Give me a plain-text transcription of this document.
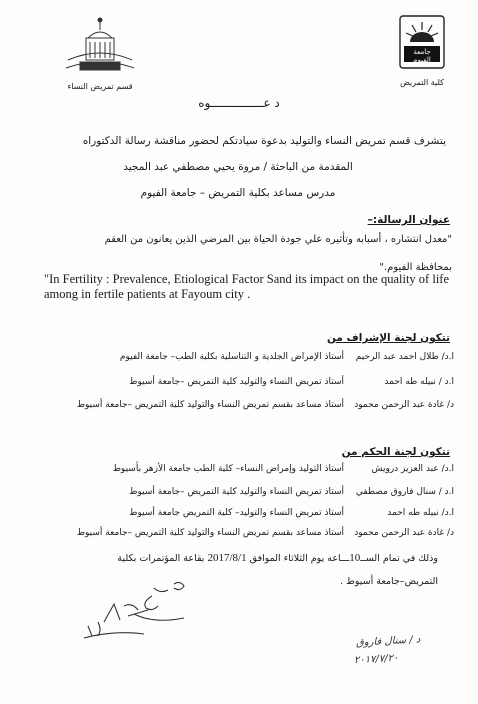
جامعة الفيوم
كلية التمريض
قسم تمريض النساء
د عـــــــــــــــوه
يتشرف قسم تمريض النساء والتوليد بدعوة سيادتكم لحضور مناقشة رسالة الدكتوراه
المقدمة من الباحثة / مروة يحيي مصطفي عبد المجيد
مدرس مساعد بكلية التمريض – جامعة الفيوم
عنوان الرسالة:–
"معدل انتشاره ، أسبابه وتأثيره علي جودة الحياة بين المرضي الذين يعانون من العقم
بمحافظة الفيوم."
"In Fertility : Prevalence, Etiological Factor Sand its impact on the quality of life among in fertile patients at Fayoum city .
تتكون لجنة الإشراف من
ا.د/ طلال احمد عبد الرحيم
أستاذ الإمراض الجلدية و التناسلية بكلية الطب– جامعة الفيوم
ا.د / نبيله طه احمد
أستاذ تمريض النساء والتوليد كلية التمريض –جامعة أسيوط
د/ غادة عبد الرحمن محمود
أستاذ مساعد بقسم تمريض النساء والتوليد كلية التمريض –جامعة أسيوط
تتكون لجنة الحكم من
ا.د/ عبد العزيز درويش
أستاذ التوليد وإمراض النساء– كلية الطب جامعة الأزهر بأسيوط
ا.د / سنال فاروق مصطفي
أستاذ تمريض النساء والتوليد كلية التمريض –جامعة أسيوط
ا.د/ نبيله طه احمد
أستاذ تمريض النساء والتوليد– كلية التمريض جامعة أسيوط
د/ غادة عبد الرحمن محمود
أستاذ مساعد بقسم تمريض النساء والتوليد كلية التمريض –جامعة أسيوط
وذلك في تمام الســ10ـــاعه يوم الثلاثاء الموافق 2017/8/1 بقاعة المؤتمرات بكلية
التمريض–جامعة أسيوط .
د / سنال فاروق
٢٠١٧/٧/٢٠
